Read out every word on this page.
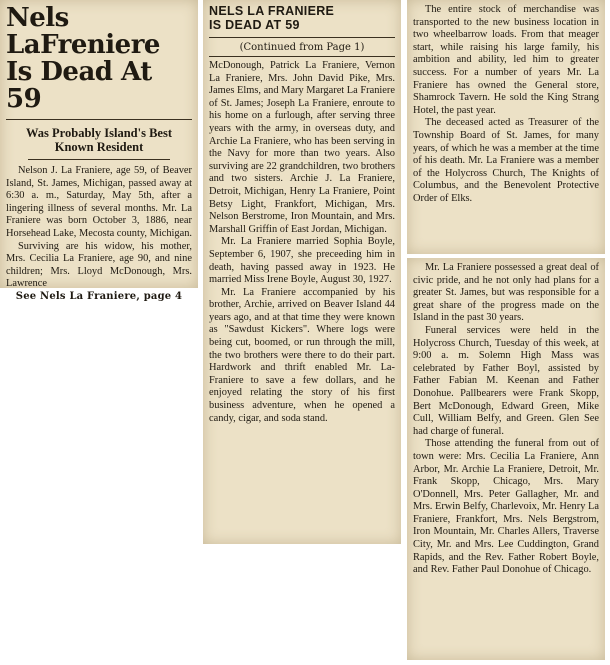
Nels LaFreniere
Is Dead At 59

Was Probably Island's Best Known Resident

Nelson J. La Franiere, age 59, of Beaver Island, St. James, Michigan, passed away at 6:30 a. m., Saturday, May 5th, after a lingering illness of several months. Mr. La Franiere was born October 3, 1886, near Horsehead Lake, Mecosta county, Michigan.

Surviving are his widow, his mother, Mrs. Cecilia La Franiere, age 90, and nine children; Mrs. Lloyd McDonough, Mrs. Lawrence

See Nels La Franiere, page 4

NELS LA FRANIERE
IS DEAD AT 59

(Continued from Page 1)

McDonough, Patrick La Franiere, Vernon La Franiere, Mrs. John David Pike, Mrs. James Elms, and Mary Margaret La Franiere of St. James; Joseph La Franiere, enroute to his home on a furlough, after serving three years with the army, in overseas duty, and Archie La Franiere, who has been serving in the Navy for more than two years. Also surviving are 22 grandchildren, two brothers and two sisters. Archie J. La Franiere, Detroit, Michigan, Henry La Franiere, Point Betsy Light, Frankfort, Michigan, Mrs. Nelson Berstrome, Iron Mountain, and Mrs. Marshall Griffin of East Jordan, Michigan.

Mr. La Franiere married Sophia Boyle, September 6, 1907, she preceeding him in death, having passed away in 1923. He married Miss Irene Boyle, August 30, 1927.

Mr. La Franiere accompanied by his brother, Archie, arrived on Beaver Island 44 years ago, and at that time they were known as "Sawdust Kickers". Where logs were being cut, boomed, or run through the mill, the two brothers were there to do their part. Hardwork and thrift enabled Mr. La-Franiere to save a few dollars, and he enjoyed relating the story of his first business adventure, when he opened a candy, cigar, and soda stand.

The entire stock of merchandise was transported to the new business location in two wheelbarrow loads. From that meager start, while raising his large family, his ambition and ability, led him to greater success. For a number of years Mr. La Franiere has owned the General store, Shamrock Tavern. He sold the King Strang Hotel, the past year.

The deceased acted as Treasurer of the Township Board of St. James, for many years, of which he was a member at the time of his death. Mr. La Franiere was a member of the Holycross Church, The Knights of Columbus, and the Benevolent Protective Order of Elks.

Mr. La Franiere possessed a great deal of civic pride, and he not only had plans for a greater St. James, but was responsible for a great share of the progress made on the Island in the past 30 years.

Funeral services were held in the Holycross Church, Tuesday of this week, at 9:00 a. m. Solemn High Mass was celebrated by Father Boyl, assisted by Father Fabian M. Keenan and Father Donohue. Pallbearers were Frank Skopp, Bert McDonough, Edward Green, Mike Cull, William Belfy, and Green. Glen See had charge of funeral.

Those attending the funeral from out of town were: Mrs. Cecilia La Franiere, Ann Arbor, Mr. Archie La Franiere, Detroit, Mr. Frank Skopp, Chicago, Mrs. Mary O'Donnell, Mrs. Peter Gallagher, Mr. and Mrs. Erwin Belfy, Charlevoix, Mr. Henry La Franiere, Frankfort, Mrs. Nels Bergstrom, Iron Mountain, Mr. Charles Allers, Traverse City, Mr. and Mrs. Lee Cuddington, Grand Rapids, and the Rev. Father Robert Boyle, and Rev. Father Paul Donohue of Chicago.
